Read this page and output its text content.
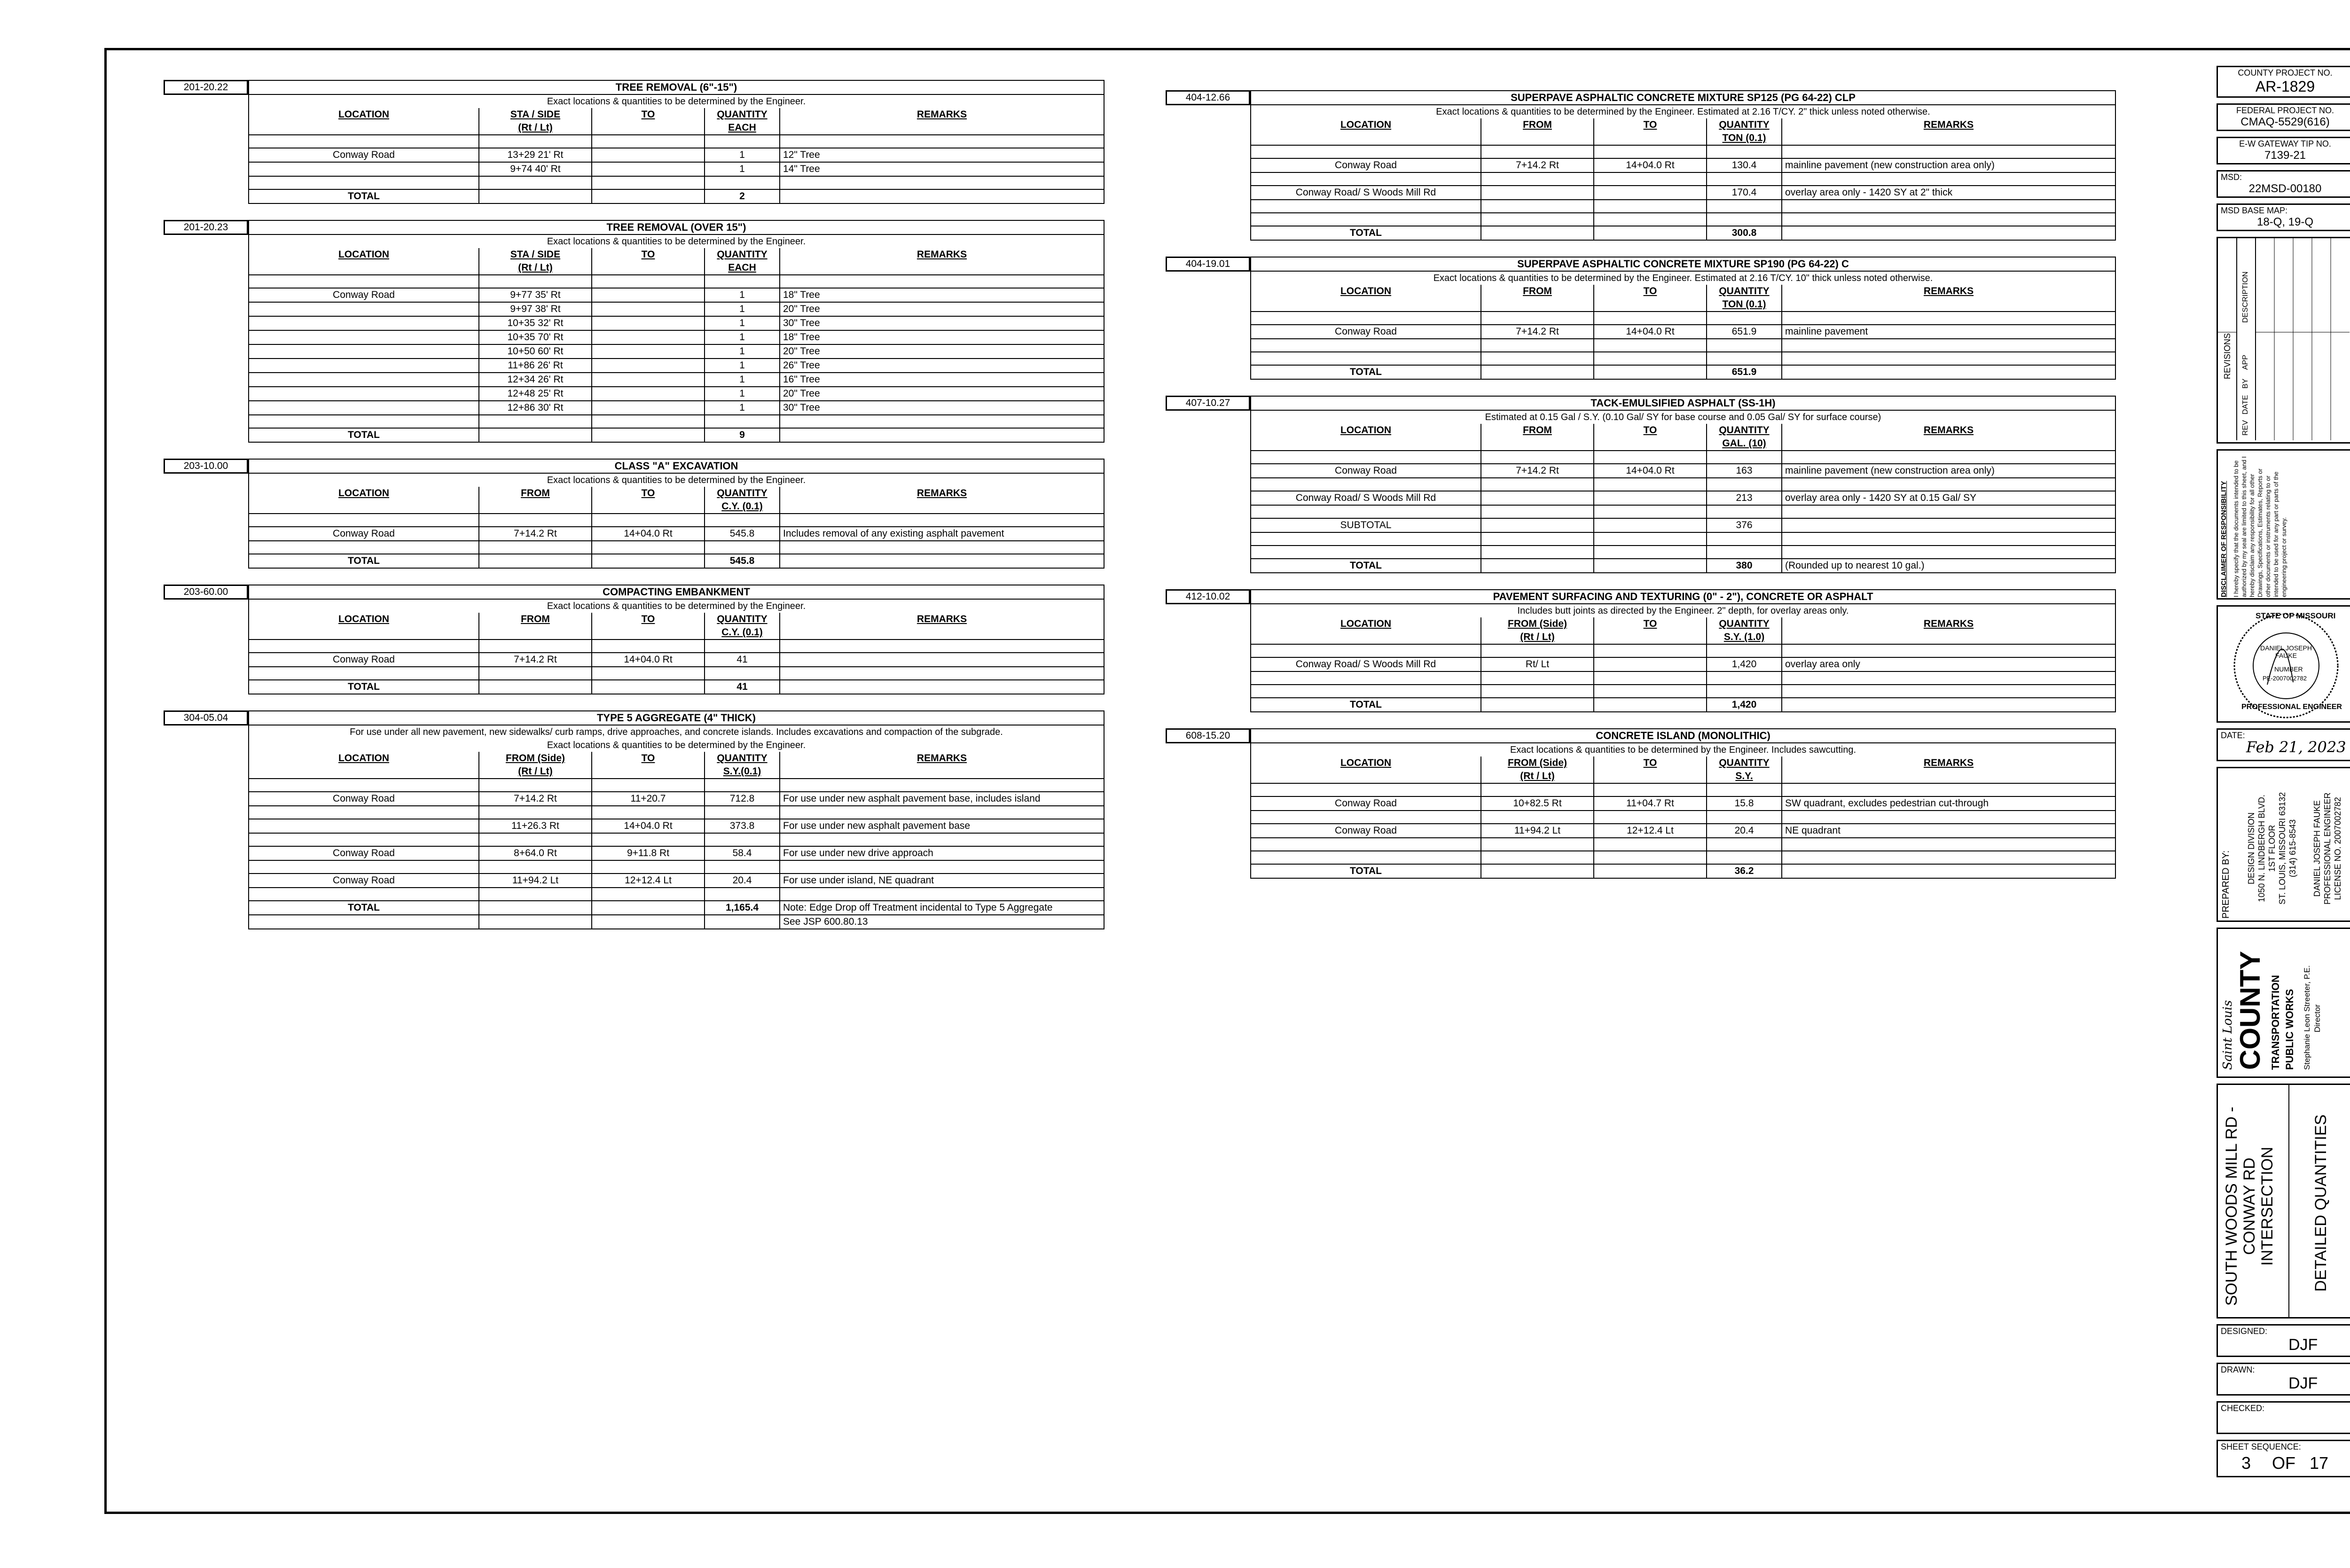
201-20.22	TREE REMOVAL (6"-15")				
Exact locations & quantities to be determined by the Engineer.				
LOCATION	STA / SIDE	TO	QUANTITY	REMARKS
	(Rt / Lt)		EACH	

Conway Road	13+29 21' Rt		1	12" Tree
	9+74 40' Rt		1	14" Tree

TOTAL			2	
201-20.23	TREE REMOVAL (OVER 15")				
Exact locations & quantities to be determined by the Engineer.				
LOCATION	STA / SIDE	TO	QUANTITY	REMARKS
	(Rt / Lt)		EACH	

Conway Road	9+77 35' Rt		1	18" Tree
	9+97 38' Rt		1	20" Tree
	10+35 32' Rt		1	30" Tree
	10+35 70' Rt		1	18" Tree
	10+50 60' Rt		1	20" Tree
	11+86 26' Rt		1	26" Tree
	12+34 26' Rt		1	16" Tree
	12+48 25' Rt		1	20" Tree
	12+86 30' Rt		1	30" Tree

TOTAL			9	
203-10.00	CLASS "A" EXCAVATION				
Exact locations & quantities to be determined by the Engineer.				
LOCATION	FROM	TO	QUANTITY	REMARKS
			C.Y. (0.1)	

Conway Road	7+14.2 Rt	14+04.0 Rt	545.8	Includes removal of any existing asphalt pavement

TOTAL			545.8	
203-60.00	COMPACTING EMBANKMENT				
Exact locations & quantities to be determined by the Engineer.				
LOCATION	FROM	TO	QUANTITY	REMARKS
			C.Y. (0.1)	

Conway Road	7+14.2 Rt	14+04.0 Rt	41	

TOTAL			41	
304-05.04	TYPE 5 AGGREGATE (4" THICK)				
For use under all new pavement, new sidewalks/ curb ramps, drive approaches, and concrete islands. Includes excavations and compaction of the subgrade.				
Exact locations & quantities to be determined by the Engineer.				
LOCATION	FROM (Side)	TO	QUANTITY	REMARKS
	(Rt / Lt)		S.Y.(0.1)	

Conway Road	7+14.2 Rt	11+20.7	712.8	For use under new asphalt pavement base, includes island

	11+26.3 Rt	14+04.0 Rt	373.8	For use under new asphalt pavement base

Conway Road	8+64.0 Rt	9+11.8 Rt	58.4	For use under new drive approach

Conway Road	11+94.2 Lt	12+12.4 Lt	20.4	For use under island, NE quadrant

TOTAL			1,165.4	Note: Edge Drop off Treatment incidental to Type 5 Aggregate
				See JSP 600.80.13
404-12.66	SUPERPAVE ASPHALTIC CONCRETE MIXTURE SP125 (PG 64-22) CLP				
Exact locations & quantities to be determined by the Engineer. Estimated at 2.16 T/CY. 2" thick unless noted otherwise.				
LOCATION	FROM	TO	QUANTITY	REMARKS
			TON (0.1)	

Conway Road	7+14.2 Rt	14+04.0 Rt	130.4	mainline pavement (new construction area only)

Conway Road/ S Woods Mill Rd			170.4	overlay area only - 1420 SY at 2" thick

TOTAL			300.8	
404-19.01	SUPERPAVE ASPHALTIC CONCRETE MIXTURE SP190 (PG 64-22) C				
Exact locations & quantities to be determined by the Engineer. Estimated at 2.16 T/CY. 10" thick unless noted otherwise.				
LOCATION	FROM	TO	QUANTITY	REMARKS
			TON (0.1)	

Conway Road	7+14.2 Rt	14+04.0 Rt	651.9	mainline pavement

TOTAL			651.9	
407-10.27	TACK-EMULSIFIED ASPHALT (SS-1H)				
Estimated at 0.15 Gal / S.Y. (0.10 Gal/ SY for base course and 0.05 Gal/ SY for surface course)				
LOCATION	FROM	TO	QUANTITY	REMARKS
			GAL. (10)	

Conway Road	7+14.2 Rt	14+04.0 Rt	163	mainline pavement (new construction area only)

Conway Road/ S Woods Mill Rd			213	overlay area only - 1420 SY at 0.15 Gal/ SY

SUBTOTAL			376	

TOTAL			380	(Rounded up to nearest 10 gal.)
412-10.02	PAVEMENT SURFACING AND TEXTURING (0" - 2"), CONCRETE OR ASPHALT				
Includes butt joints as directed by the Engineer. 2" depth, for overlay areas only.				
LOCATION	FROM (Side)	TO	QUANTITY	REMARKS
	(Rt / Lt)		S.Y. (1.0)	

Conway Road/ S Woods Mill Rd	Rt/ Lt		1,420	overlay area only

TOTAL			1,420	
608-15.20	CONCRETE ISLAND (MONOLITHIC)				
Exact locations & quantities to be determined by the Engineer. Includes sawcutting.				
LOCATION	FROM (Side)	TO	QUANTITY	REMARKS
	(Rt / Lt)		S.Y.	

Conway Road	10+82.5 Rt	11+04.7 Rt	15.8	SW quadrant, excludes pedestrian cut-through

Conway Road	11+94.2 Lt	12+12.4 Lt	20.4	NE quadrant

TOTAL			36.2	
COUNTY PROJECT NO.
AR-1829
FEDERAL PROJECT NO.
CMAQ-5529(616)
E-W GATEWAY TIP NO.
7139-21
MSD:
22MSD-00180
MSD BASE MAP:
18-Q, 19-Q
REVISIONS
REV
DATE
BY
APP
DESCRIPTION
DISCLAIMER OF RESPONSIBILITY I hereby specify that the documents intended to be authorized by my seal are limited to this sheet, and I hereby disclaim any responsibility for all other Drawings, Specifications, Estimates, Reports or other documents or instruments relating to or intended to be used for any part or parts of the engineering project or survey.
STATE OF MISSOURI
DANIEL JOSEPH FAUKE
NUMBER
PE-2007002782
PROFESSIONAL ENGINEER
DATE:
Feb 21, 2023
PREPARED BY:
DESIGN DIVISION 1050 N. LINDBERGH BLVD. 1ST FLOOR ST. LOUIS, MISSOURI 63132 (314) 615-8543 DANIEL JOSEPH FAUKE PROFESSIONAL ENGINEER LICENSE NO. 2007002782
Saint Louis COUNTY TRANSPORTATION PUBLIC WORKS Stephanie Leon Streeter, P.E. Director
SOUTH WOODS MILL RD - CONWAY RD INTERSECTION DETAILED QUANTITIES
DESIGNED:
DJF
DRAWN:
DJF
CHECKED:
SHEET SEQUENCE:
3 OF 17
